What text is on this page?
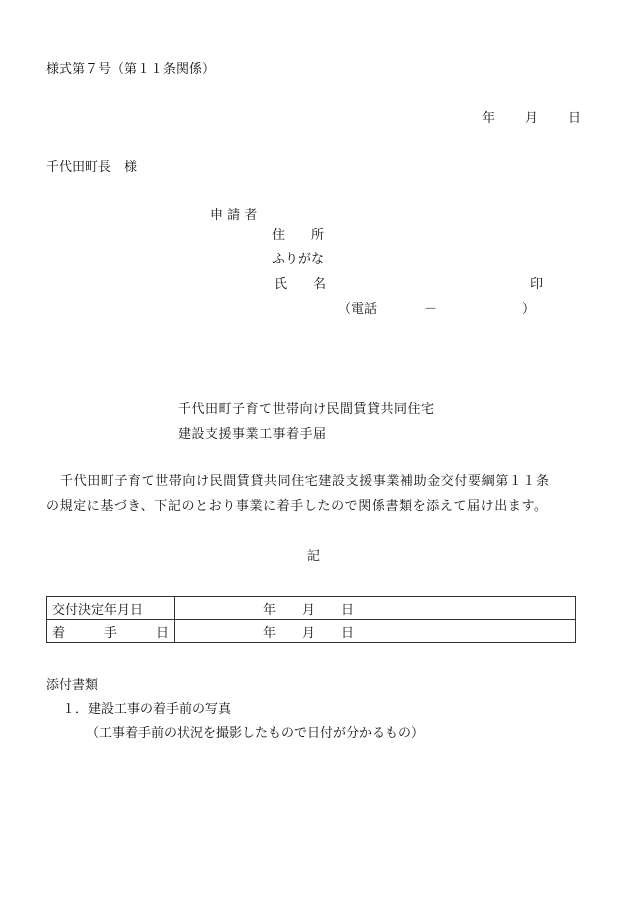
様式第７号（第１１条関係）
年 月 日
千代田町長　様
申 請 者
住　　所
ふりがな
氏　　名	印
（電話	－	）
千代田町子育て世帯向け民間賃貸共同住宅
建設支援事業工事着手届
千代田町子育て世帯向け民間賃貸共同住宅建設支援事業補助金交付要綱第１１条
の規定に基づき、下記のとおり事業に着手したので関係書類を添えて届け出ます。
記
交付決定年月日	年　　月　　日
着　　　手　　　日	年　　月　　日
添付書類
１．建設工事の着手前の写真
（工事着手前の状況を撮影したもので日付が分かるもの）
